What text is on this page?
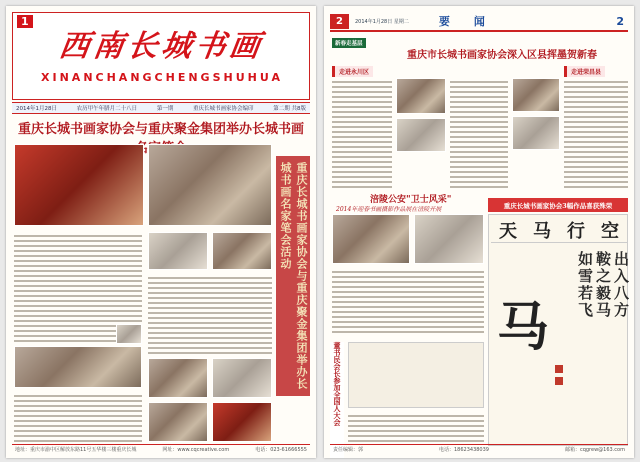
西南长城书画
XINANCHANGCHENGSHUHUA
1
2014年1月28日	农历甲午年腊月二十八日	第一期	重庆长城书画家协会编印	第二期 共8版
重庆长城书画家协会与重庆聚金集团举办长城书画
重庆长城书画家协会与重庆聚金集团举办长城书画名家笔会活动
地址：重庆市渝中区解放东路11号五华楼三楼重庆长城	网址：www.cqcreative.com	电话：023-61666555
2	2014年1月28日 星期二	要闻	2
新春走基层
重庆市长城书画家协会深入区县挥墨贺新春
走进永川区	走进荣昌县
涪陵公安"卫士风采"
2014年迎春书画摄影作品展在涪陵开展
董书民会长参加全国人大会
重庆长城书画家协会3幅作品喜获殊荣
天 马 行 空
马
如雪若飞 鞍之毅马 出入八方
责任编辑：郭	电话：18623438039	邮箱：cqgrew@163.com
